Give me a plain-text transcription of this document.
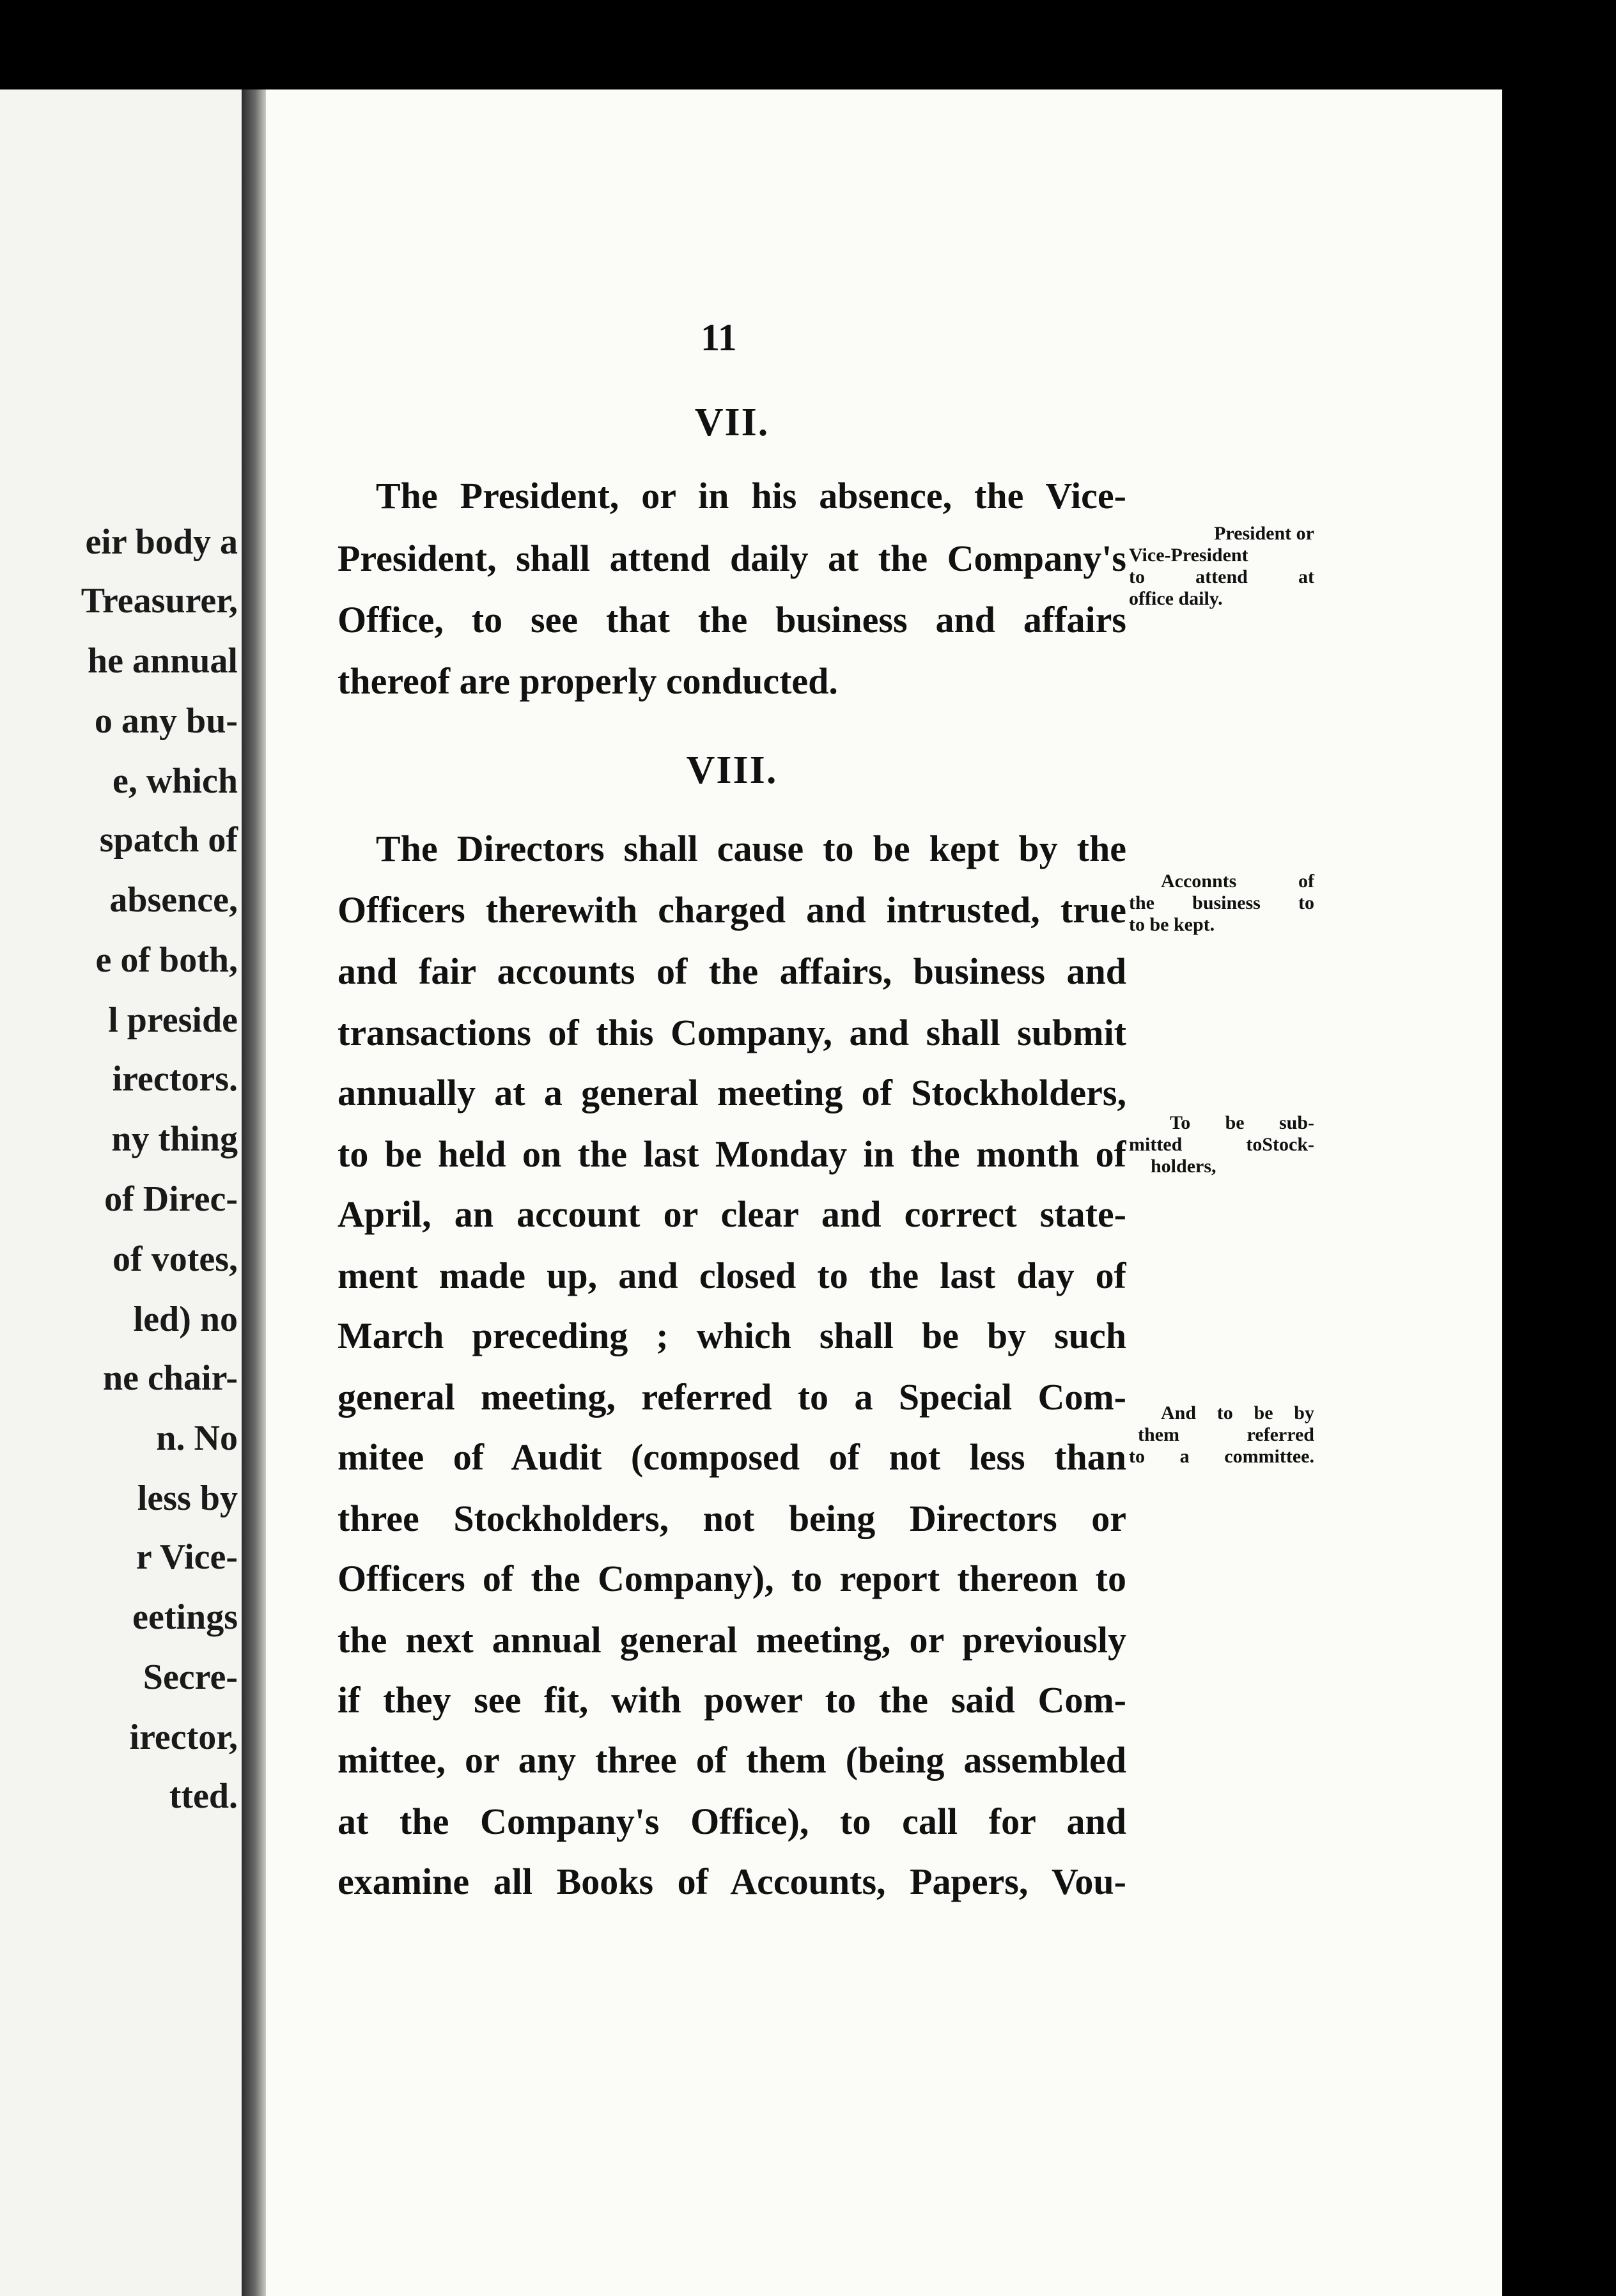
eir body a
Treasurer,
he annual
o any bu-
e, which
spatch of
absence,
e of both,
l preside
irectors.
ny thing
of Direc-
of votes,
led) no
ne chair-
n. No
less by
r Vice-
eetings
Secre-
irector,
tted.
11
VII.
The President, or in his absence, the Vice-
President, shall attend daily at the Company's
Office, to see that the business and affairs
thereof are properly conducted.
VIII.
The Directors shall cause to be kept by the
Officers therewith charged and intrusted, true
and fair accounts of the affairs, business and
transactions of this Company, and shall submit
annually at a general meeting of Stockholders,
to be held on the last Monday in the month of
April, an account or clear and correct state-
ment made up, and closed to the last day of
March preceding ; which shall be by such
general meeting, referred to a Special Com-
mitee of Audit (composed of not less than
three Stockholders, not being Directors or
Officers of the Company), to report thereon to
the next annual general meeting, or previously
if they see fit, with power to the said Com-
mittee, or any three of them (being assembled
at the Company's Office), to call for and
examine all Books of Accounts, Papers, Vou-
President or
Vice-President
to attend at
office daily.
Acconnts of
the business to
to be kept.
To be sub-
mitted toStock-
holders,
And to be by
them referred
to a committee.
